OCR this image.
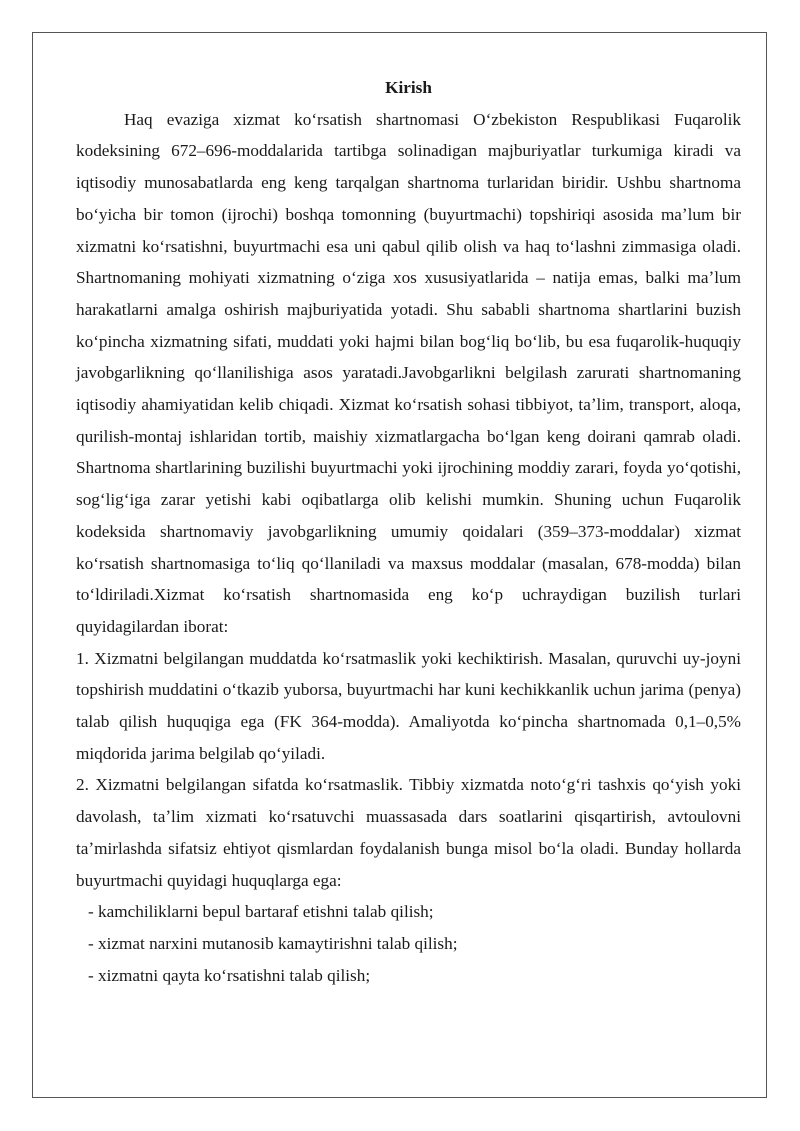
Kirish

Haq evaziga xizmat koʻrsatish shartnomasi Oʻzbekiston Respublikasi Fuqarolik kodeksining 672–696-moddalarida tartibga solinadigan majburiyatlar turkumiga kiradi va iqtisodiy munosabatlarda eng keng tarqalgan shartnoma turlaridan biridir. Ushbu shartnoma boʻyicha bir tomon (ijrochi) boshqa tomonning (buyurtmachi) topshiriqi asosida maʼlum bir xizmatni koʻrsatishni, buyurtmachi esa uni qabul qilib olish va haq toʻlashni zimmasiga oladi. Shartnomaning mohiyati xizmatning oʻziga xos xususiyatlarida – natija emas, balki maʼlum harakatlarni amalga oshirish majburiyatida yotadi. Shu sababli shartnoma shartlarini buzish koʻpincha xizmatning sifati, muddati yoki hajmi bilan bogʻliq boʻlib, bu esa fuqarolik-huquqiy javobgarlikning qoʻllanilishiga asos yaratadi.Javobgarlikni belgilash zarurati shartnomaning iqtisodiy ahamiyatidan kelib chiqadi. Xizmat koʻrsatish sohasi tibbiyot, taʼlim, transport, aloqa, qurilish-montaj ishlaridan tortib, maishiy xizmatlargacha boʻlgan keng doirani qamrab oladi. Shartnoma shartlarining buzilishi buyurtmachi yoki ijrochining moddiy zarari, foyda yoʻqotishi, sogʻligʻiga zarar yetishi kabi oqibatlarga olib kelishi mumkin. Shuning uchun Fuqarolik kodeksida shartnomaviy javobgarlikning umumiy qoidalari (359–373-moddalar) xizmat koʻrsatish shartnomasiga toʻliq qoʻllaniladi va maxsus moddalar (masalan, 678-modda) bilan toʻldiriladi.Xizmat koʻrsatish shartnomasida eng koʻp uchraydigan buzilish turlari quyidagilardan iborat:

1. Xizmatni belgilangan muddatda koʻrsatmaslik yoki kechiktirish. Masalan, quruvchi uy-joyni topshirish muddatini oʻtkazib yuborsa, buyurtmachi har kuni kechikkanlik uchun jarima (penya) talab qilish huquqiga ega (FK 364-modda). Amaliyotda koʻpincha shartnomada 0,1–0,5% miqdorida jarima belgilab qoʻyiladi.

2. Xizmatni belgilangan sifatda koʻrsatmaslik. Tibbiy xizmatda notoʻgʻri tashxis qoʻyish yoki davolash, taʼlim xizmati koʻrsatuvchi muassasada dars soatlarini qisqartirish, avtoulovni taʼmirlashda sifatsiz ehtiyot qismlardan foydalanish bunga misol boʻla oladi. Bunday hollarda buyurtmachi quyidagi huquqlarga ega:

- kamchiliklarni bepul bartaraf etishni talab qilish;

- xizmat narxini mutanosib kamaytirishni talab qilish;

- xizmatni qayta koʻrsatishni talab qilish;
